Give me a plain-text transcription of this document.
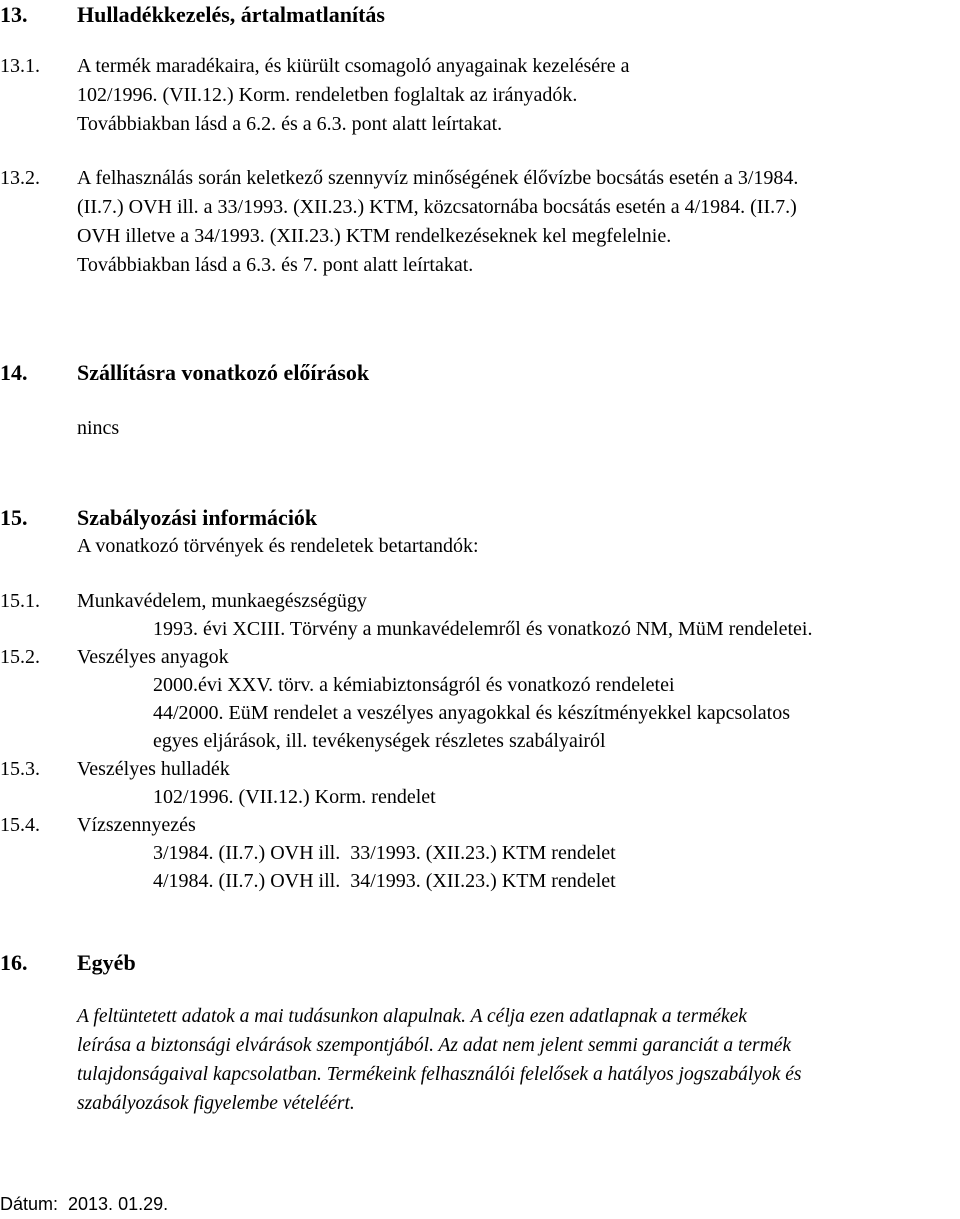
13. Hulladékkezelés, ártalmatlanítás
13.1. A termék maradékaira, és kiürült csomagoló anyagainak kezelésére a
102/1996. (VII.12.) Korm. rendeletben foglaltak az irányadók.
Továbbiakban lásd a 6.2. és a 6.3. pont alatt leírtakat.
13.2. A felhasználás során keletkező szennyvíz minőségének élővízbe bocsátás esetén a 3/1984.
(II.7.) OVH ill. a 33/1993. (XII.23.) KTM, közcsatornába bocsátás esetén a 4/1984. (II.7.)
OVH illetve a 34/1993. (XII.23.) KTM rendelkezéseknek kel megfelelnie.
Továbbiakban lásd a 6.3. és 7. pont alatt leírtakat.
14. Szállításra vonatkozó előírások
nincs
15. Szabályozási információk
A vonatkozó törvények és rendeletek betartandók:
15.1. Munkavédelem, munkaegészségügy
1993. évi XCIII. Törvény a munkavédelemről és vonatkozó NM, MüM rendeletei.
15.2. Veszélyes anyagok
2000.évi XXV. törv. a kémiabiztonságról és vonatkozó rendeletei
44/2000. EüM rendelet a veszélyes anyagokkal és készítményekkel kapcsolatos
egyes eljárások, ill. tevékenységek részletes szabályairól
15.3. Veszélyes hulladék
102/1996. (VII.12.) Korm. rendelet
15.4. Vízszennyezés
3/1984. (II.7.) OVH ill.  33/1993. (XII.23.) KTM rendelet
4/1984. (II.7.) OVH ill.  34/1993. (XII.23.) KTM rendelet
16. Egyéb
A feltüntetett adatok a mai tudásunkon alapulnak. A célja ezen adatlapnak a termékek
leírása a biztonsági elvárások szempontjából. Az adat nem jelent semmi garanciát a termék
tulajdonságaival kapcsolatban. Termékeink felhasználói felelősek a hatályos jogszabályok és
szabályozások figyelembe vételéért.
Dátum:  2013. 01.29.
